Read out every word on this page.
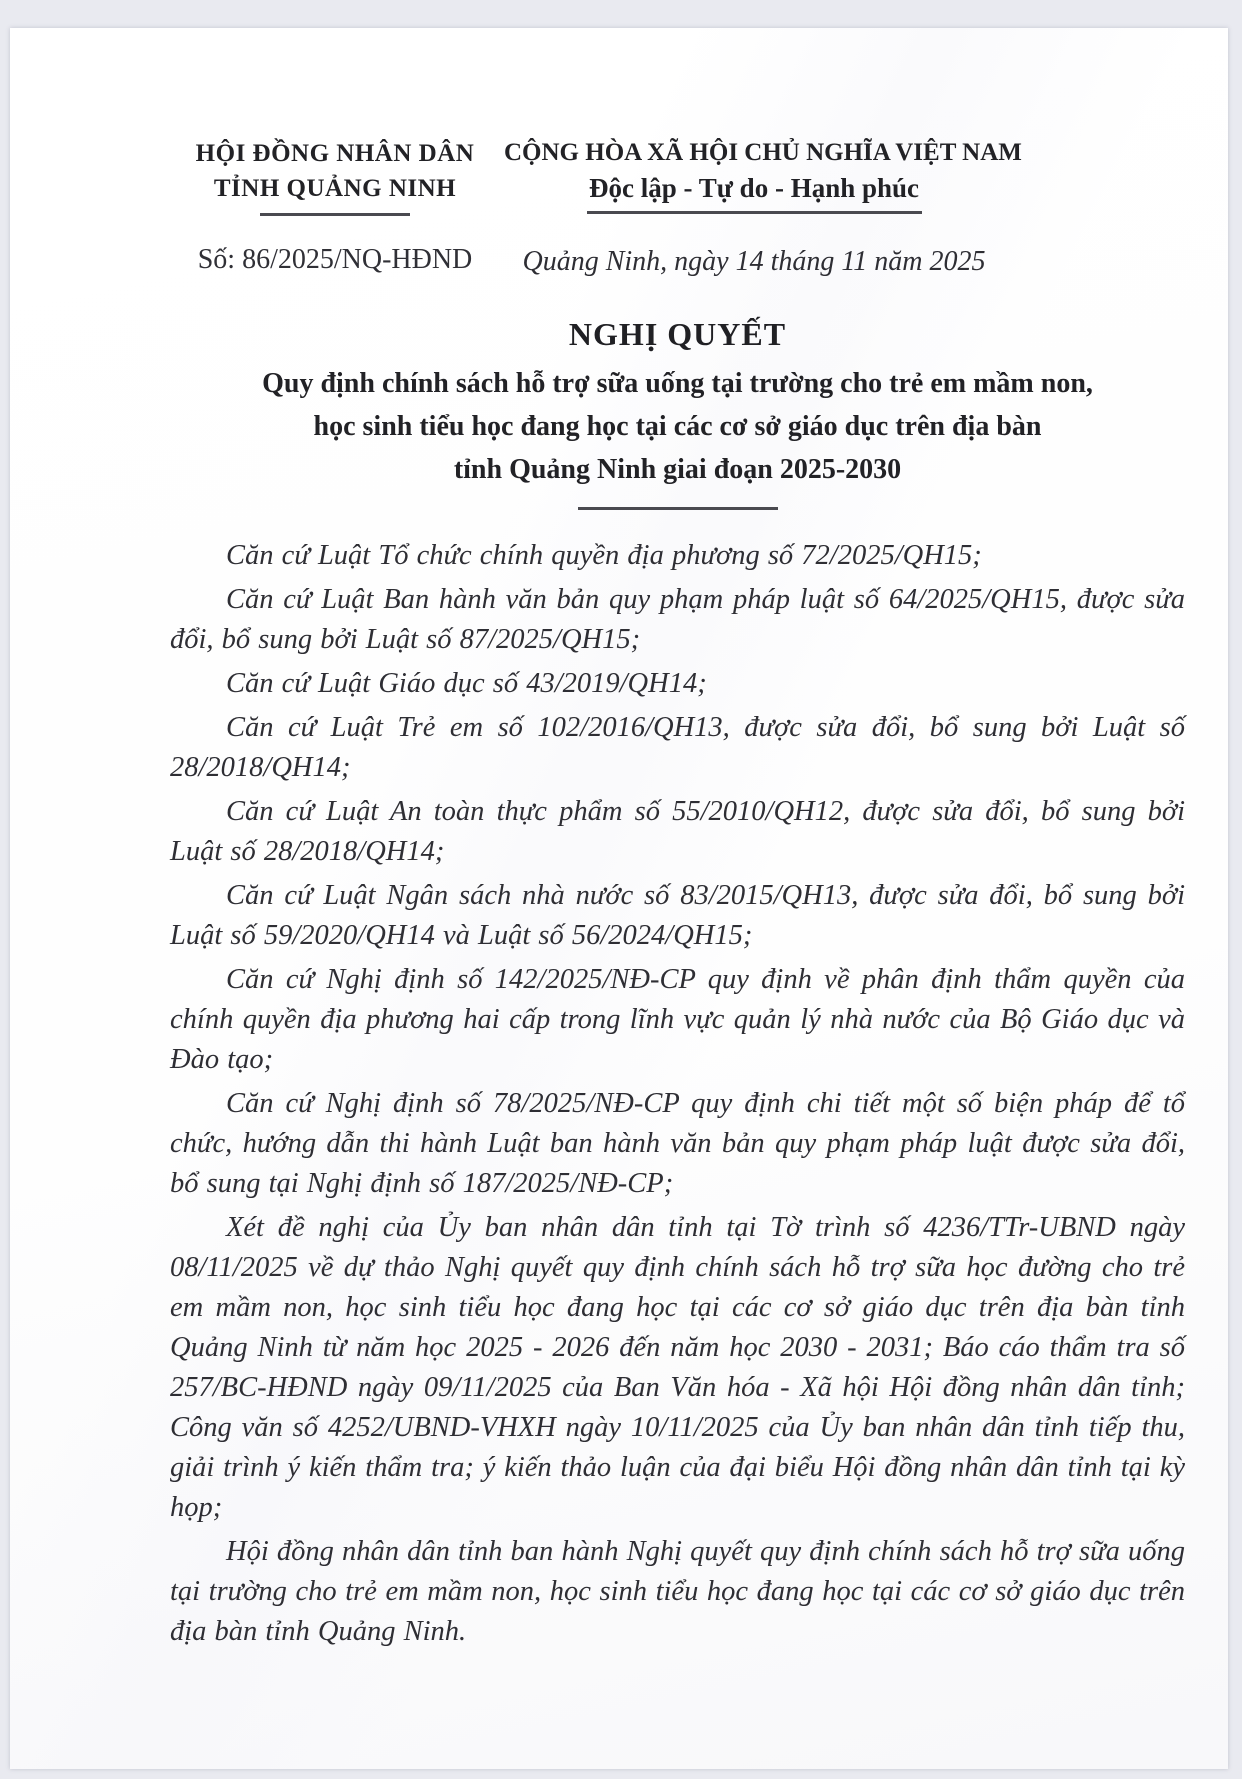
HỘI ĐỒNG NHÂN DÂN
TỈNH QUẢNG NINH
Số: 86/2025/NQ-HĐND
CỘNG HÒA XÃ HỘI CHỦ NGHĨA VIỆT NAM
Độc lập - Tự do - Hạnh phúc
Quảng Ninh, ngày 14 tháng 11 năm 2025
NGHỊ QUYẾT
Quy định chính sách hỗ trợ sữa uống tại trường cho trẻ em mầm non,
học sinh tiểu học đang học tại các cơ sở giáo dục trên địa bàn
tỉnh Quảng Ninh giai đoạn 2025-2030

Căn cứ Luật Tổ chức chính quyền địa phương số 72/2025/QH15;

Căn cứ Luật Ban hành văn bản quy phạm pháp luật số 64/2025/QH15, được sửa đổi, bổ sung bởi Luật số 87/2025/QH15;

Căn cứ Luật Giáo dục số 43/2019/QH14;

Căn cứ Luật Trẻ em số 102/2016/QH13, được sửa đổi, bổ sung bởi Luật số 28/2018/QH14;

Căn cứ Luật An toàn thực phẩm số 55/2010/QH12, được sửa đổi, bổ sung bởi Luật số 28/2018/QH14;

Căn cứ Luật Ngân sách nhà nước số 83/2015/QH13, được sửa đổi, bổ sung bởi Luật số 59/2020/QH14 và Luật số 56/2024/QH15;

Căn cứ Nghị định số 142/2025/NĐ-CP quy định về phân định thẩm quyền của chính quyền địa phương hai cấp trong lĩnh vực quản lý nhà nước của Bộ Giáo dục và Đào tạo;

Căn cứ Nghị định số 78/2025/NĐ-CP quy định chi tiết một số biện pháp để tổ chức, hướng dẫn thi hành Luật ban hành văn bản quy phạm pháp luật được sửa đổi, bổ sung tại Nghị định số 187/2025/NĐ-CP;

Xét đề nghị của Ủy ban nhân dân tỉnh tại Tờ trình số 4236/TTr-UBND ngày 08/11/2025 về dự thảo Nghị quyết quy định chính sách hỗ trợ sữa học đường cho trẻ em mầm non, học sinh tiểu học đang học tại các cơ sở giáo dục trên địa bàn tỉnh Quảng Ninh từ năm học 2025 - 2026 đến năm học 2030 - 2031; Báo cáo thẩm tra số 257/BC-HĐND ngày 09/11/2025 của Ban Văn hóa - Xã hội Hội đồng nhân dân tỉnh; Công văn số 4252/UBND-VHXH ngày 10/11/2025 của Ủy ban nhân dân tỉnh tiếp thu, giải trình ý kiến thẩm tra; ý kiến thảo luận của đại biểu Hội đồng nhân dân tỉnh tại kỳ họp;

Hội đồng nhân dân tỉnh ban hành Nghị quyết quy định chính sách hỗ trợ sữa uống tại trường cho trẻ em mầm non, học sinh tiểu học đang học tại các cơ sở giáo dục trên địa bàn tỉnh Quảng Ninh.
